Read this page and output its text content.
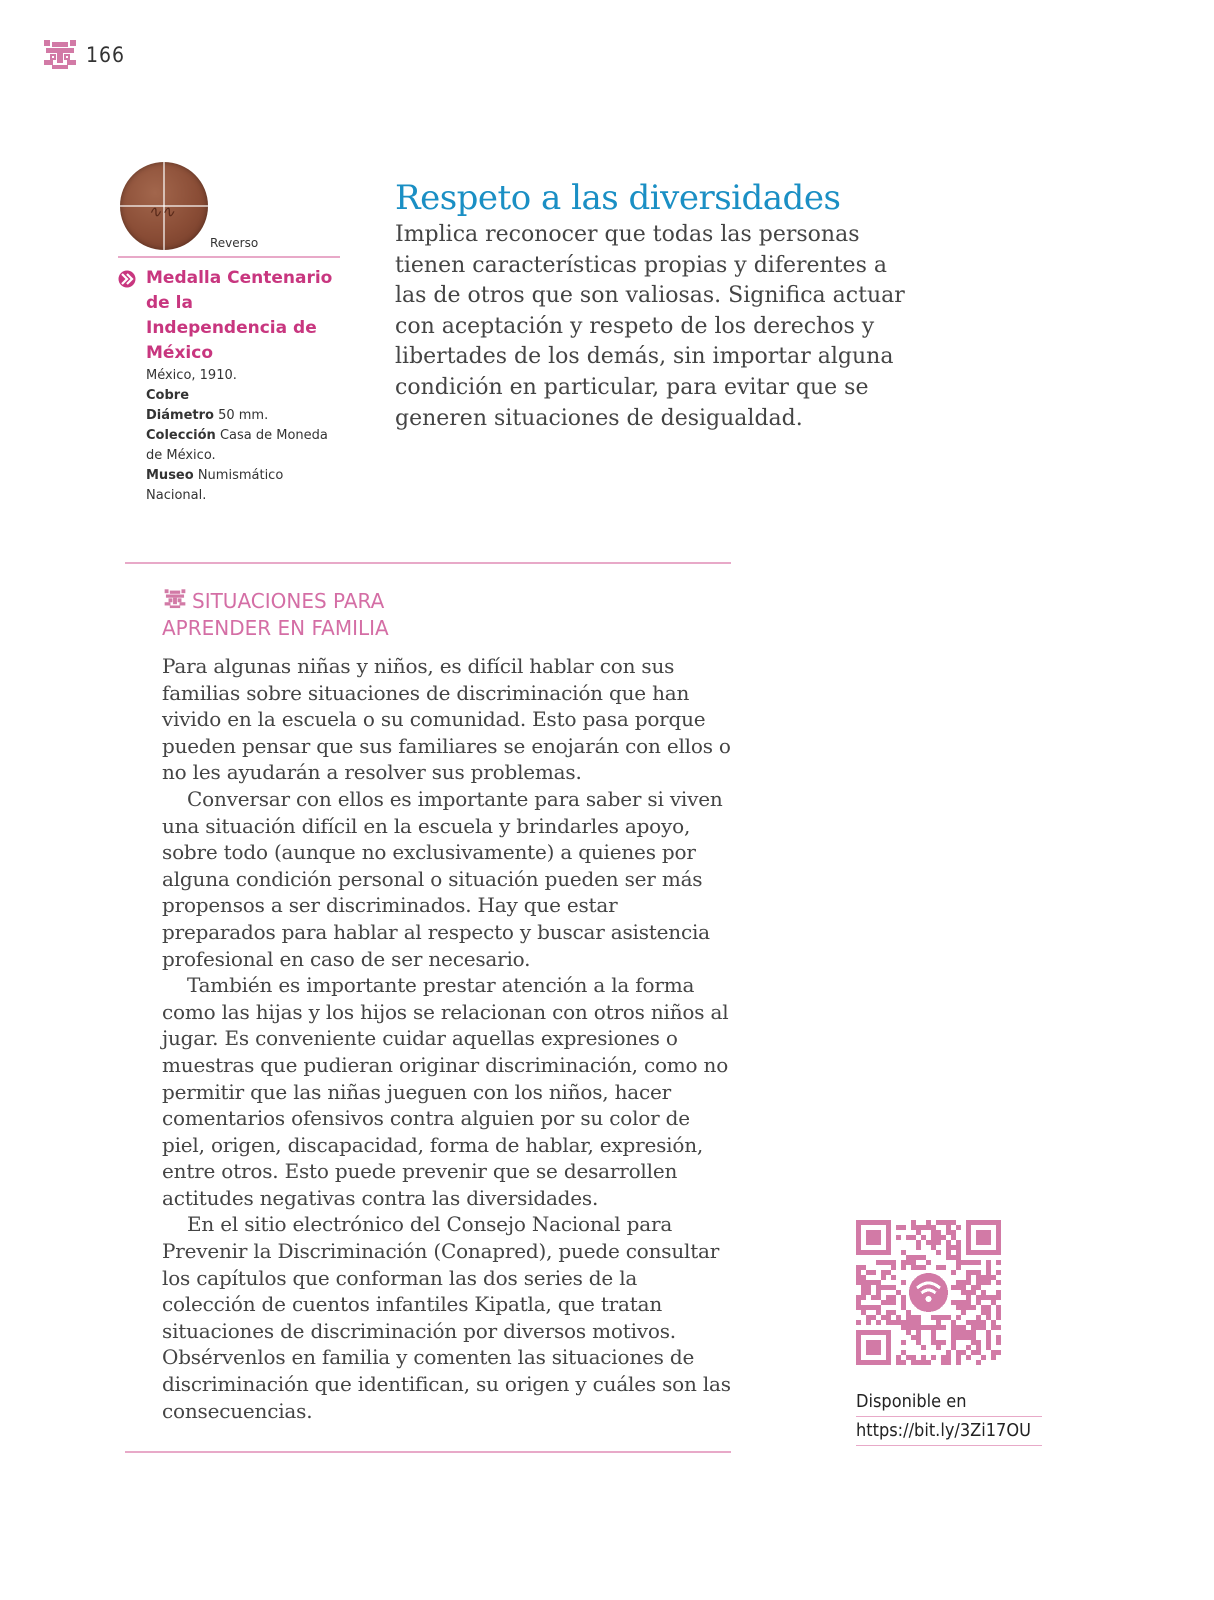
166
∿∿
Reverso
Medalla Centenario de la Independencia de México
México, 1910.
Cobre
Diámetro 50 mm.
Colección Casa de Moneda de México.
Museo Numismático Nacional.
Respeto a las diversidades

Implica reconocer que todas las personas tienen características propias y diferentes a las de otros que son valiosas. Significa actuar con aceptación y respeto de los derechos y libertades de los demás, sin importar alguna condición en particular, para evitar que se generen situaciones de desigualdad.

SITUACIONES PARA
APRENDER EN FAMILIA

Para algunas niñas y niños, es difícil hablar con sus familias sobre situaciones de discriminación que han vivido en la escuela o su comunidad. Esto pasa porque pueden pensar que sus familiares se enojarán con ellos o no les ayudarán a resolver sus problemas.

Conversar con ellos es importante para saber si viven una situación difícil en la escuela y brindarles apoyo, sobre todo (aunque no exclusivamente) a quienes por alguna condición personal o situación pueden ser más propensos a ser discriminados. Hay que estar preparados para hablar al respecto y buscar asistencia profesional en caso de ser necesario.

También es importante prestar atención a la forma como las hijas y los hijos se relacionan con otros niños al jugar. Es conveniente cuidar aquellas expresiones o muestras que pudieran originar discriminación, como no permitir que las niñas jueguen con los niños, hacer comentarios ofensivos contra alguien por su color de piel, origen, discapacidad, forma de hablar, expresión, entre otros. Esto puede prevenir que se desarrollen actitudes negativas contra las diversidades.

En el sitio electrónico del Consejo Nacional para Prevenir la Discriminación (Conapred), puede consultar los capítulos que conforman las dos series de la colección de cuentos infantiles Kipatla, que tratan situaciones de discriminación por diversos motivos. Obsérvenlos en familia y comenten las situaciones de discriminación que identifican, su origen y cuáles son las consecuencias.	Disponible en
https://bit.ly/3Zi17OU
